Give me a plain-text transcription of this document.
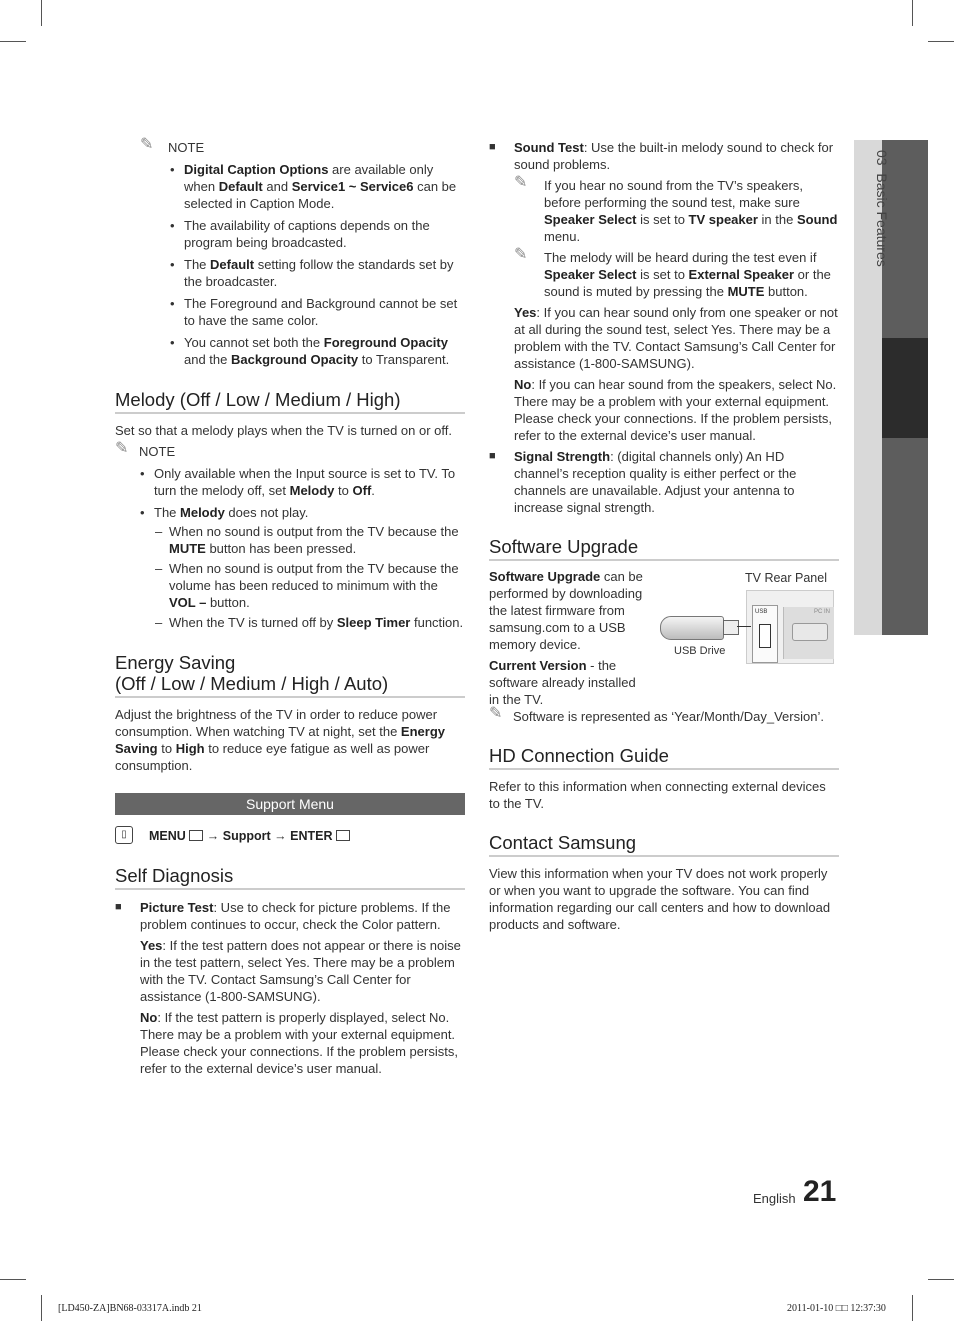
03  Basic Features
✎ NOTE
• Digital Caption Options are available only when Default and Service1 ~ Service6 can be selected in Caption Mode.
• The availability of captions depends on the program being broadcasted.
• The Default setting follow the standards set by the broadcaster.
• The Foreground and Background cannot be set to have the same color.
• You cannot set both the Foreground Opacity and the Background Opacity to Transparent.
Melody (Off / Low / Medium / High)

Set so that a melody plays when the TV is turned on or off.

✎ NOTE
• Only available when the Input source is set to TV. To turn the melody off, set Melody to Off.
• The Melody does not play.
– When no sound is output from the TV because the MUTE button has been pressed.
– When no sound is output from the TV because the volume has been reduced to minimum with the VOL – button.
– When the TV is turned off by Sleep Timer function.
Energy Saving
(Off / Low / Medium / High / Auto)

Adjust the brightness of the TV in order to reduce power consumption. When watching TV at night, set the Energy Saving to High to reduce eye fatigue as well as power consumption.

Support Menu
▯	MENU → Support → ENTER
Self Diagnosis
■ Picture Test: Use to check for picture problems. If the problem continues to occur, check the Color pattern.

Yes: If the test pattern does not appear or there is noise in the test pattern, select Yes. There may be a problem with the TV. Contact Samsung’s Call Center for assistance (1-800-SAMSUNG).

No: If the test pattern is properly displayed, select No. There may be a problem with your external equipment. Please check your connections. If the problem persists, refer to the external device’s user manual.

■ Sound Test: Use the built-in melody sound to check for sound problems.
✎ If you hear no sound from the TV’s speakers, before performing the sound test, make sure Speaker Select is set to TV speaker in the Sound menu.
✎ The melody will be heard during the test even if Speaker Select is set to External Speaker or the sound is muted by pressing the MUTE button.

Yes: If you can hear sound only from one speaker or not at all during the sound test, select Yes. There may be a problem with the TV. Contact Samsung’s Call Center for assistance (1-800-SAMSUNG).

No: If you can hear sound from the speakers, select No. There may be a problem with your external equipment. Please check your connections. If the problem persists, refer to the external device’s user manual.

■ Signal Strength: (digital channels only) An HD channel’s reception quality is either perfect or the channels are unavailable. Adjust your antenna to increase signal strength.
Software Upgrade

Software Upgrade can be performed by downloading the latest firmware from samsung.com to a USB memory device.

Current Version - the software already installed in the TV.

TV Rear Panel
USB	PC IN
USB Drive
✎ Software is represented as ‘Year/Month/Day_Version’.
HD Connection Guide

Refer to this information when connecting external devices to the TV.

Contact Samsung

View this information when your TV does not work properly or when you want to upgrade the software. You can find information regarding our call centers and how to download products and software.

English 21
[LD450-ZA]BN68-03317A.indb 21	2011-01-10 □□ 12:37:30
